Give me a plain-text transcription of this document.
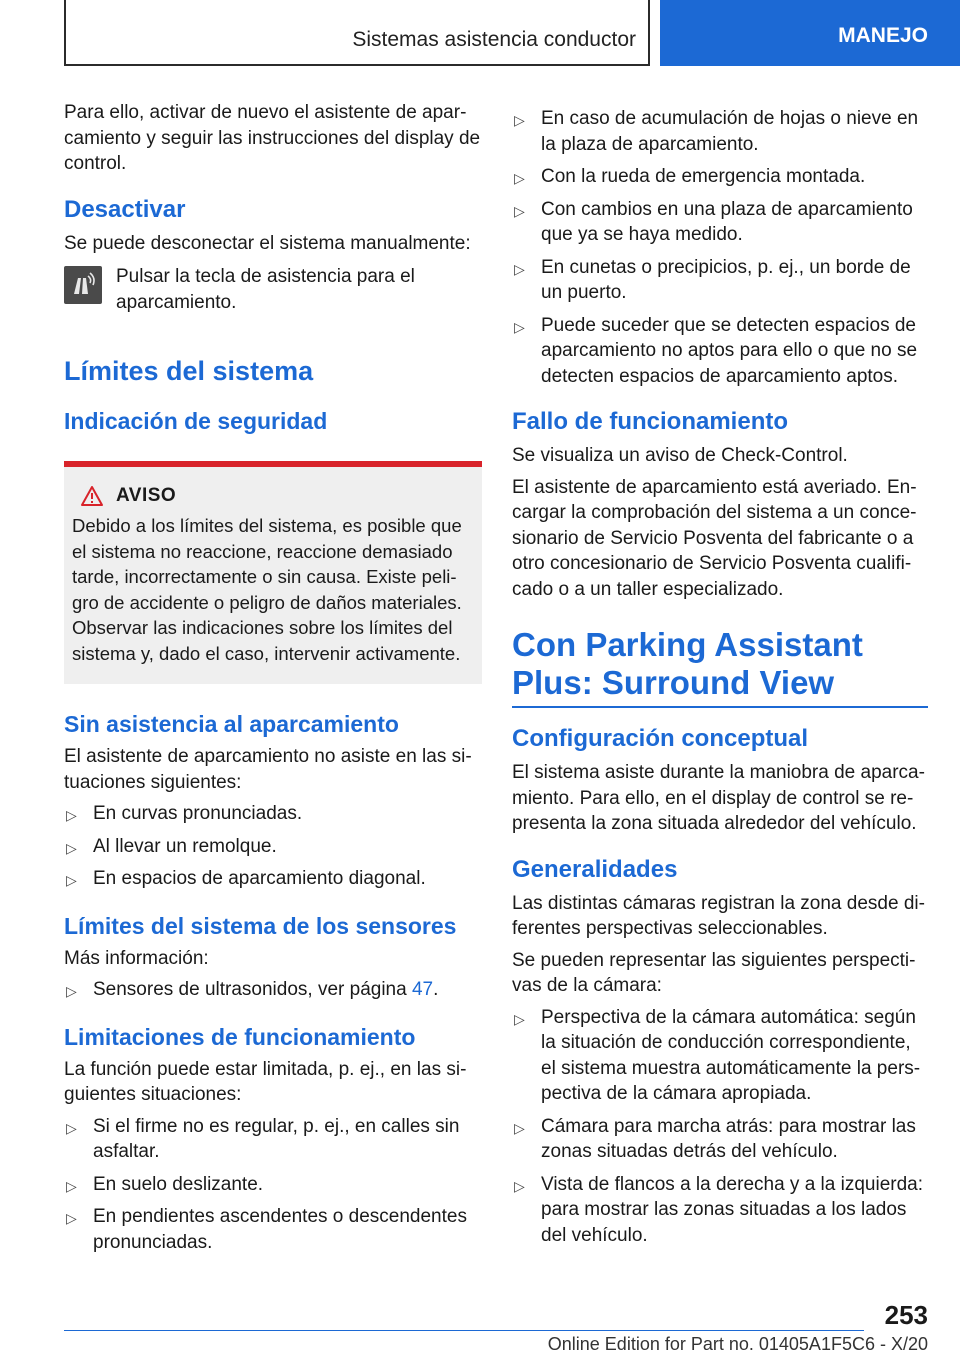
Sistemas asistencia conductor	MANEJO

Para ello, activar de nuevo el asistente de aparcamiento y seguir las instrucciones del display de control.

Desactivar

Se puede desconectar el sistema manualmente:

Pulsar la tecla de asistencia para el aparcamiento.

Límites del sistema
Indicación de seguridad
AVISO

Debido a los límites del sistema, es posible que el sistema no reaccione, reaccione demasiado tarde, incorrectamente o sin causa. Existe peligro de accidente o peligro de daños materiales. Observar las indicaciones sobre los límites del sistema y, dado el caso, intervenir activamente.

Sin asistencia al aparcamiento

El asistente de aparcamiento no asiste en las situaciones siguientes:

▷ En curvas pronunciadas.
▷ Al llevar un remolque.
▷ En espacios de aparcamiento diagonal.
Límites del sistema de los sensores

Más información:

▷ Sensores de ultrasonidos, ver página 47.
Limitaciones de funcionamiento

La función puede estar limitada, p. ej., en las siguientes situaciones:

▷ Si el firme no es regular, p. ej., en calles sin asfaltar.
▷ En suelo deslizante.
▷ En pendientes ascendentes o descendentes pronunciadas.
▷ En caso de acumulación de hojas o nieve en la plaza de aparcamiento.
▷ Con la rueda de emergencia montada.
▷ Con cambios en una plaza de aparcamiento que ya se haya medido.
▷ En cunetas o precipicios, p. ej., un borde de un puerto.
▷ Puede suceder que se detecten espacios de aparcamiento no aptos para ello o que no se detecten espacios de aparcamiento aptos.
Fallo de funcionamiento

Se visualiza un aviso de Check-Control.

El asistente de aparcamiento está averiado. Encargar la comprobación del sistema a un concesionario de Servicio Posventa del fabricante o a otro concesionario de Servicio Posventa cualificado o a un taller especializado.

Con Parking Assistant Plus: Surround View
Configuración conceptual

El sistema asiste durante la maniobra de aparcamiento. Para ello, en el display de control se representa la zona situada alrededor del vehículo.

Generalidades

Las distintas cámaras registran la zona desde diferentes perspectivas seleccionables.

Se pueden representar las siguientes perspectivas de la cámara:

▷ Perspectiva de la cámara automática: según la situación de conducción correspondiente, el sistema muestra automáticamente la perspectiva de la cámara apropiada.
▷ Cámara para marcha atrás: para mostrar las zonas situadas detrás del vehículo.
▷ Vista de flancos a la derecha y a la izquierda: para mostrar las zonas situadas a los lados del vehículo.
253
Online Edition for Part no. 01405A1F5C6 - X/20
